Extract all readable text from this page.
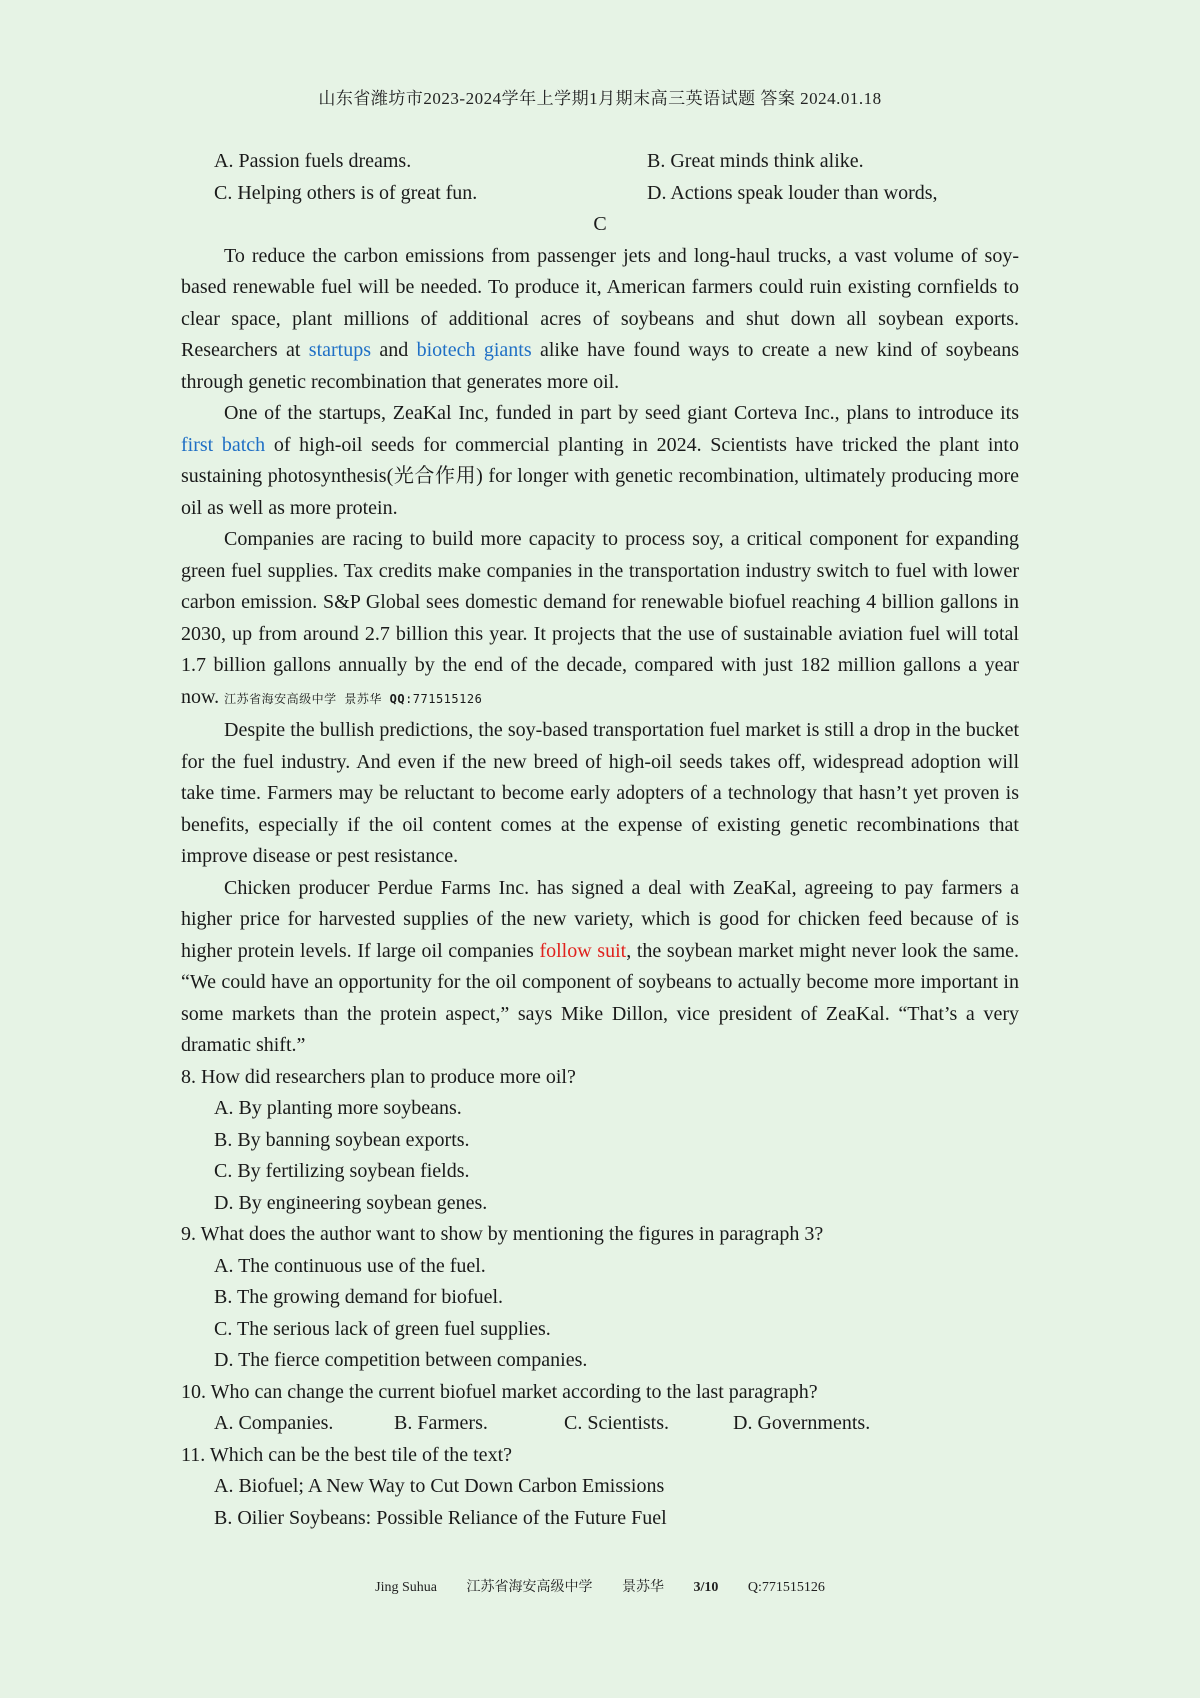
山东省潍坊市2023-2024学年上学期1月期末高三英语试题 答案 2024.01.18
A. Passion fuels dreams.	B. Great minds think alike.
C. Helping others is of great fun.	D. Actions speak louder than words,
C

To reduce the carbon emissions from passenger jets and long-haul trucks, a vast volume of soy-based renewable fuel will be needed. To produce it, American farmers could ruin existing cornfields to clear space, plant millions of additional acres of soybeans and shut down all soybean exports. Researchers at startups and biotech giants alike have found ways to create a new kind of soybeans through genetic recombination that generates more oil.

One of the startups, ZeaKal Inc, funded in part by seed giant Corteva Inc., plans to introduce its first batch of high-oil seeds for commercial planting in 2024. Scientists have tricked the plant into sustaining photosynthesis(光合作用) for longer with genetic recombination, ultimately producing more oil as well as more protein.

Companies are racing to build more capacity to process soy, a critical component for expanding green fuel supplies. Tax credits make companies in the transportation industry switch to fuel with lower carbon emission. S&P Global sees domestic demand for renewable biofuel reaching 4 billion gallons in 2030, up from around 2.7 billion this year. It projects that the use of sustainable aviation fuel will total 1.7 billion gallons annually by the end of the decade, compared with just 182 million gallons a year now. 江苏省海安高级中学 景苏华 QQ:771515126

Despite the bullish predictions, the soy-based transportation fuel market is still a drop in the bucket for the fuel industry. And even if the new breed of high-oil seeds takes off, widespread adoption will take time. Farmers may be reluctant to become early adopters of a technology that hasn’t yet proven is benefits, especially if the oil content comes at the expense of existing genetic recombinations that improve disease or pest resistance.

Chicken producer Perdue Farms Inc. has signed a deal with ZeaKal, agreeing to pay farmers a higher price for harvested supplies of the new variety, which is good for chicken feed because of is higher protein levels. If large oil companies follow suit, the soybean market might never look the same. “We could have an opportunity for the oil component of soybeans to actually become more important in some markets than the protein aspect,” says Mike Dillon, vice president of ZeaKal. “That’s a very dramatic shift.”

8. How did researchers plan to produce more oil?

A. By planting more soybeans.

B. By banning soybean exports.

C. By fertilizing soybean fields.

D. By engineering soybean genes.

9. What does the author want to show by mentioning the figures in paragraph 3?

A. The continuous use of the fuel.

B. The growing demand for biofuel.

C. The serious lack of green fuel supplies.

D. The fierce competition between companies.

10. Who can change the current biofuel market according to the last paragraph?

A. Companies.	B. Farmers.	C. Scientists.	D. Governments.

11. Which can be the best tile of the text?

A. Biofuel; A New Way to Cut Down Carbon Emissions

B. Oilier Soybeans: Possible Reliance of the Future Fuel

Jing Suhua 江苏省海安高级中学 景苏华 3/10 Q:771515126
